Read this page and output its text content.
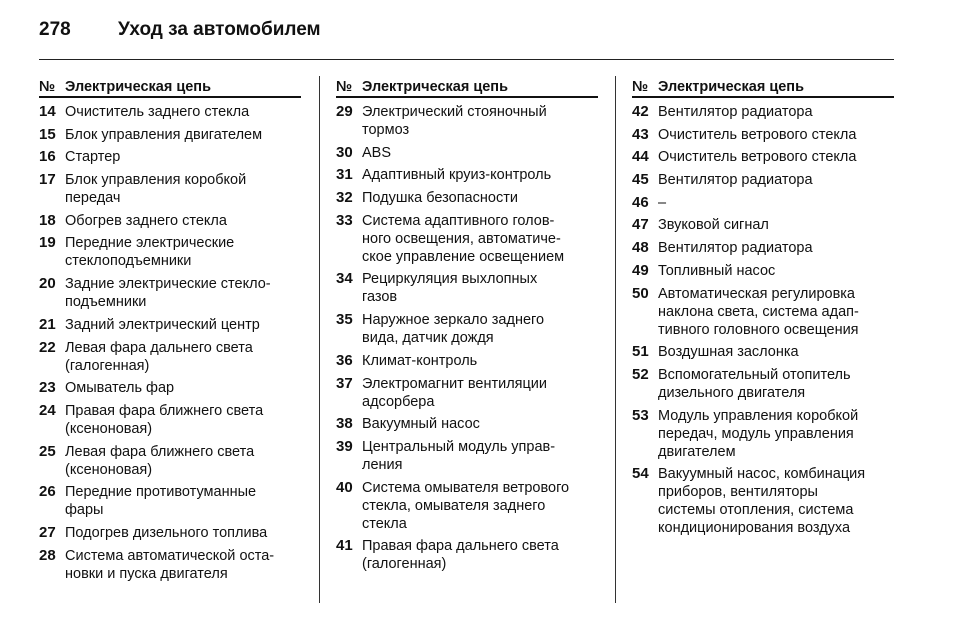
278	Уход за автомобилем
№ Электрическая цепь
14 Очиститель заднего стекла
15 Блок управления двигателем
16 Стартер
17 Блок управления коробкой
передач
18 Обогрев заднего стекла
19 Передние электрические
стеклоподъемники
20 Задние электрические стекло-
подъемники
21 Задний электрический центр
22 Левая фара дальнего света
(галогенная)
23 Омыватель фар
24 Правая фара ближнего света
(ксеноновая)
25 Левая фара ближнего света
(ксеноновая)
26 Передние противотуманные
фары
27 Подогрев дизельного топлива
28 Система автоматической оста-
новки и пуска двигателя
№ Электрическая цепь
29 Электрический стояночный
тормоз
30 ABS
31 Адаптивный круиз-контроль
32 Подушка безопасности
33 Система адаптивного голов-
ного освещения, автоматиче-
ское управление освещением
34 Рециркуляция выхлопных
газов
35 Наружное зеркало заднего
вида, датчик дождя
36 Климат-контроль
37 Электромагнит вентиляции
адсорбера
38 Вакуумный насос
39 Центральный модуль управ-
ления
40 Система омывателя ветрового
стекла, омывателя заднего
стекла
41 Правая фара дальнего света
(галогенная)
№ Электрическая цепь
42 Вентилятор радиатора
43 Очиститель ветрового стекла
44 Очиститель ветрового стекла
45 Вентилятор радиатора
46 –
47 Звуковой сигнал
48 Вентилятор радиатора
49 Топливный насос
50 Автоматическая регулировка
наклона света, система адап-
тивного головного освещения
51 Воздушная заслонка
52 Вспомогательный отопитель
дизельного двигателя
53 Модуль управления коробкой
передач, модуль управления
двигателем
54 Вакуумный насос, комбинация
приборов, вентиляторы
системы отопления, система
кондиционирования воздуха
